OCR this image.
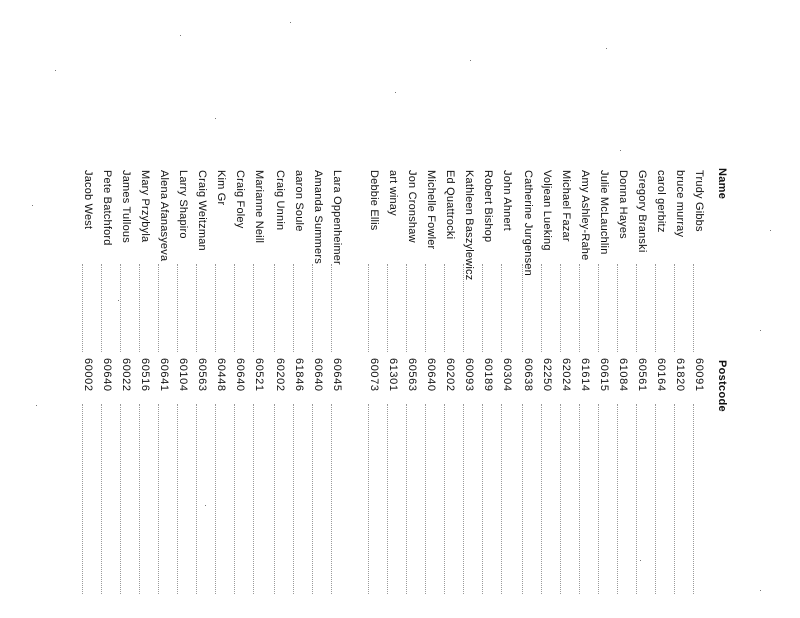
Name
Postcode
Trudy Gibbs
60091
bruce murray
61820
carol gerbitz
60164
Gregory Branski
60561
Donna Hayes
61084
Julie McLauchlin
60615
Amy Ashley-Rahe
61614
Michael Fazar
62024
Voljean Lueking
62250
Catherine Jurgensen
60638
John Ahnert
60304
Robert Bishop
60189
Kathleen Baszylewicz
60093
Ed Quattrocki
60202
Michelle Fowler
60640
Jon Cronshaw
60563
art winay
61301
Debbie Ellis
60073
Lara Oppenheimer
60645
Amanda Summers
60640
aaron Soule
61846
Craig Unnin
60202
Marianne Neill
60521
Craig Foley
60640
Kim Gr
60448
Craig Weitzman
60563
Larry Shapiro
60104
Alena Afanasyeva
60641
Mary Przybyla
60516
James Tullous
60022
Pete Batchford
60640
Jacob West
60002
